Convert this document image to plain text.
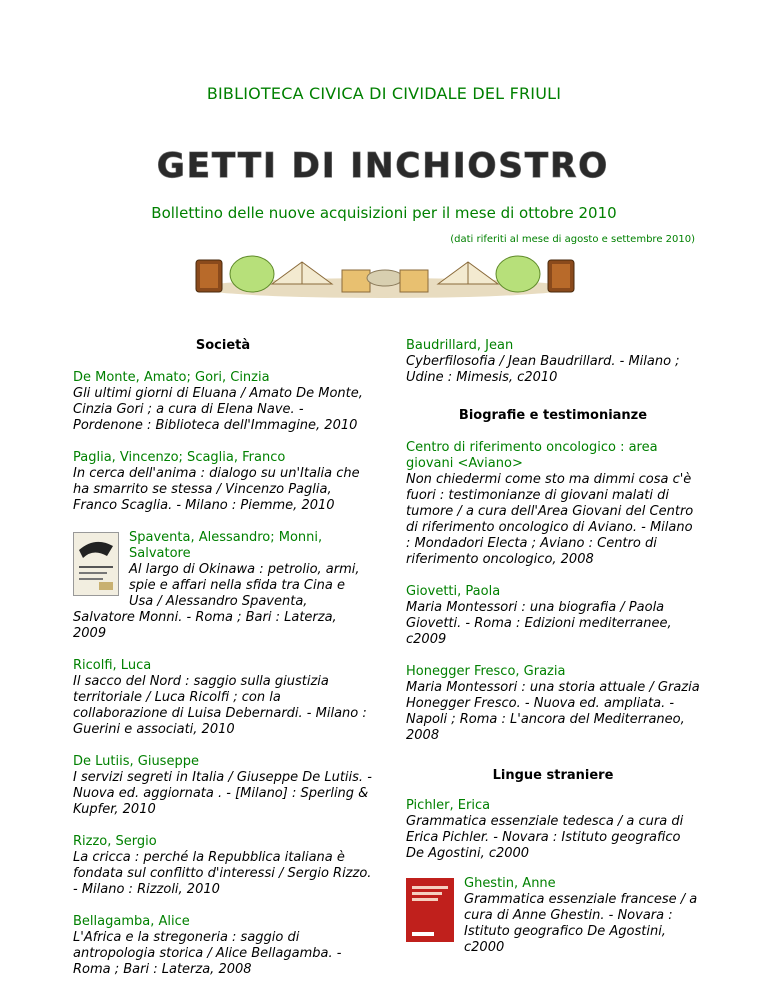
BIBLIOTECA CIVICA DI CIVIDALE DEL FRIULI
GETTI DI INCHIOSTRO
Bollettino delle nuove acquisizioni per il mese di ottobre 2010
(dati riferiti al mese di agosto e settembre 2010)

Società

De Monte, Amato; Gori, Cinzia
Gli ultimi giorni di Eluana / Amato De Monte, Cinzia Gori ; a cura di Elena Nave. - Pordenone : Biblioteca dell'Immagine, 2010
Paglia, Vincenzo; Scaglia, Franco
In cerca dell'anima : dialogo su un'Italia che ha smarrito se stessa / Vincenzo Paglia, Franco Scaglia. - Milano : Piemme, 2010
Spaventa, Alessandro; Monni, Salvatore
Al largo di Okinawa : petrolio, armi, spie e affari nella sfida tra Cina e Usa / Alessandro Spaventa, Salvatore Monni. - Roma ; Bari : Laterza, 2009
Ricolfi, Luca
Il sacco del Nord : saggio sulla giustizia territoriale / Luca Ricolfi ; con la collaborazione di Luisa Debernardi. - Milano : Guerini e associati, 2010
De Lutiis, Giuseppe
I servizi segreti in Italia / Giuseppe De Lutiis. - Nuova ed. aggiornata . - [Milano] : Sperling & Kupfer, 2010
Rizzo, Sergio
La cricca : perché la Repubblica italiana è fondata sul conflitto d'interessi / Sergio Rizzo. - Milano : Rizzoli, 2010
Bellagamba, Alice
L'Africa e la stregoneria : saggio di antropologia storica / Alice Bellagamba. - Roma ; Bari : Laterza, 2008
Baudrillard, Jean
Cyberfilosofia / Jean Baudrillard. - Milano ; Udine : Mimesis, c2010

Biografie e testimonianze

Centro di riferimento oncologico : area giovani <Aviano>
Non chiedermi come sto ma dimmi cosa c'è fuori : testimonianze di giovani malati di tumore / a cura dell'Area Giovani del Centro di riferimento oncologico di Aviano. - Milano : Mondadori Electa ; Aviano : Centro di riferimento oncologico, 2008
Giovetti, Paola
Maria Montessori : una biografia / Paola Giovetti. - Roma : Edizioni mediterranee, c2009
Honegger Fresco, Grazia
Maria Montessori : una storia attuale / Grazia Honegger Fresco. - Nuova ed. ampliata. - Napoli ; Roma : L'ancora del Mediterraneo, 2008

Lingue straniere

Pichler, Erica
Grammatica essenziale tedesca / a cura di Erica Pichler. - Novara : Istituto geografico De Agostini, c2000
Ghestin, Anne
Grammatica essenziale francese / a cura di Anne Ghestin. - Novara : Istituto geografico De Agostini, c2000
